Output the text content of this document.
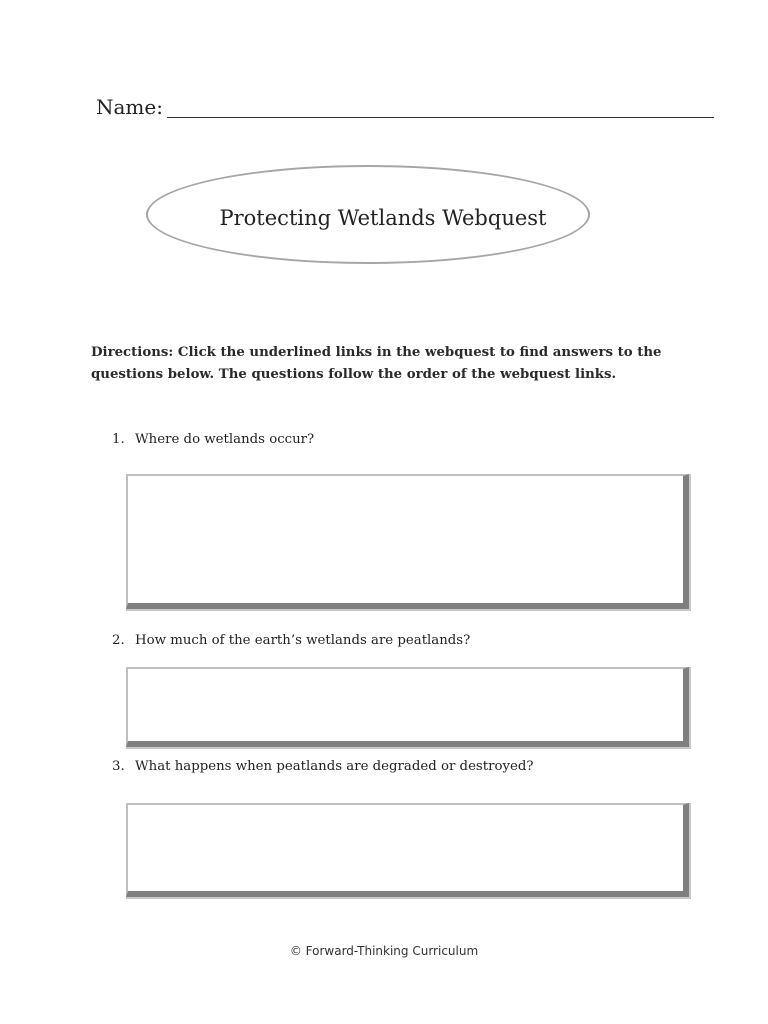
Name:
Protecting Wetlands Webquest
Directions: Click the underlined links in the webquest to find answers to the questions below. The questions follow the order of the webquest links.
1. Where do wetlands occur?
2. How much of the earth’s wetlands are peatlands?
3. What happens when peatlands are degraded or destroyed?
© Forward-Thinking Curriculum
